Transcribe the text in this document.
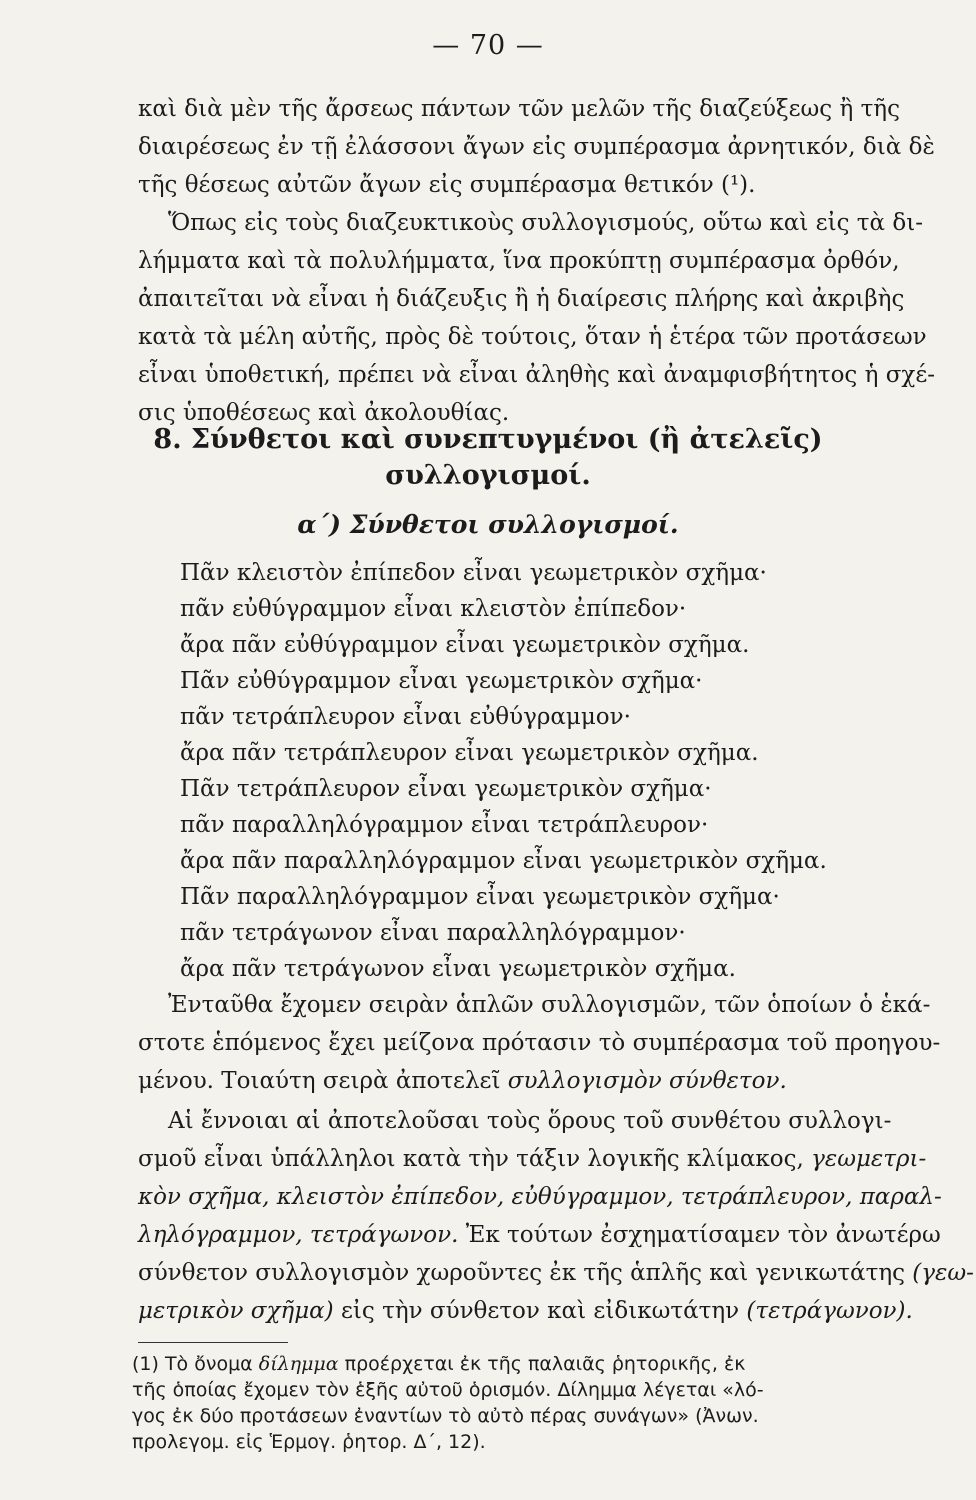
— 70 —
καὶ διὰ μὲν τῆς ἄρσεως πάντων τῶν μελῶν τῆς διαζεύξεως ἢ τῆς
διαιρέσεως ἐν τῇ ἐλάσσονι ἄγων εἰς συμπέρασμα ἀρνητικόν, διὰ δὲ
τῆς θέσεως αὐτῶν ἄγων εἰς συμπέρασμα θετικόν (¹).
Ὅπως εἰς τοὺς διαζευκτικοὺς συλλογισμούς, οὕτω καὶ εἰς τὰ δι-
λήμματα καὶ τὰ πολυλήμματα, ἵνα προκύπτῃ συμπέρασμα ὀρθόν,
ἀπαιτεῖται νὰ εἶναι ἡ διάζευξις ἢ ἡ διαίρεσις πλήρης καὶ ἀκριβὴς
κατὰ τὰ μέλη αὐτῆς, πρὸς δὲ τούτοις, ὅταν ἡ ἑτέρα τῶν προτάσεων
εἶναι ὑποθετική, πρέπει νὰ εἶναι ἀληθὴς καὶ ἀναμφισβήτητος ἡ σχέ-
σις ὑποθέσεως καὶ ἀκολουθίας.
8. Σύνθετοι καὶ συνεπτυγμένοι (ἢ ἀτελεῖς)
συλλογισμοί.
α΄) Σύνθετοι συλλογισμοί.
Πᾶν κλειστὸν ἐπίπεδον εἶναι γεωμετρικὸν σχῆμα·
πᾶν εὐθύγραμμον εἶναι κλειστὸν ἐπίπεδον·
ἄρα πᾶν εὐθύγραμμον εἶναι γεωμετρικὸν σχῆμα.
Πᾶν εὐθύγραμμον εἶναι γεωμετρικὸν σχῆμα·
πᾶν τετράπλευρον εἶναι εὐθύγραμμον·
ἄρα πᾶν τετράπλευρον εἶναι γεωμετρικὸν σχῆμα.
Πᾶν τετράπλευρον εἶναι γεωμετρικὸν σχῆμα·
πᾶν παραλληλόγραμμον εἶναι τετράπλευρον·
ἄρα πᾶν παραλληλόγραμμον εἶναι γεωμετρικὸν σχῆμα.
Πᾶν παραλληλόγραμμον εἶναι γεωμετρικὸν σχῆμα·
πᾶν τετράγωνον εἶναι παραλληλόγραμμον·
ἄρα πᾶν τετράγωνον εἶναι γεωμετρικὸν σχῆμα.
Ἐνταῦθα ἔχομεν σειρὰν ἁπλῶν συλλογισμῶν, τῶν ὁποίων ὁ ἑκά-
στοτε ἑπόμενος ἔχει μείζονα πρότασιν τὸ συμπέρασμα τοῦ προηγου-
μένου. Τοιαύτη σειρὰ ἀποτελεῖ συλλογισμὸν σύνθετον.
Αἱ ἔννοιαι αἱ ἀποτελοῦσαι τοὺς ὅρους τοῦ συνθέτου συλλογι-
σμοῦ εἶναι ὑπάλληλοι κατὰ τὴν τάξιν λογικῆς κλίμακος, γεωμετρι-
κὸν σχῆμα, κλειστὸν ἐπίπεδον, εὐθύγραμμον, τετράπλευρον, παραλ-
ληλόγραμμον, τετράγωνον. Ἐκ τούτων ἐσχηματίσαμεν τὸν ἀνωτέρω
σύνθετον συλλογισμὸν χωροῦντες ἐκ τῆς ἁπλῆς καὶ γενικωτάτης (γεω-
μετρικὸν σχῆμα) εἰς τὴν σύνθετον καὶ εἰδικωτάτην (τετράγωνον).
(1) Τὸ ὄνομα δίλημμα προέρχεται ἐκ τῆς παλαιᾶς ῥητορικῆς, ἐκ
τῆς ὁποίας ἔχομεν τὸν ἑξῆς αὐτοῦ ὁρισμόν. Δίλημμα λέγεται «λό-
γος ἐκ δύο προτάσεων ἐναντίων τὸ αὐτὸ πέρας συνάγων» (Ἀνων.
προλεγομ. εἰς Ἑρμογ. ῥητορ. Δ΄, 12).
